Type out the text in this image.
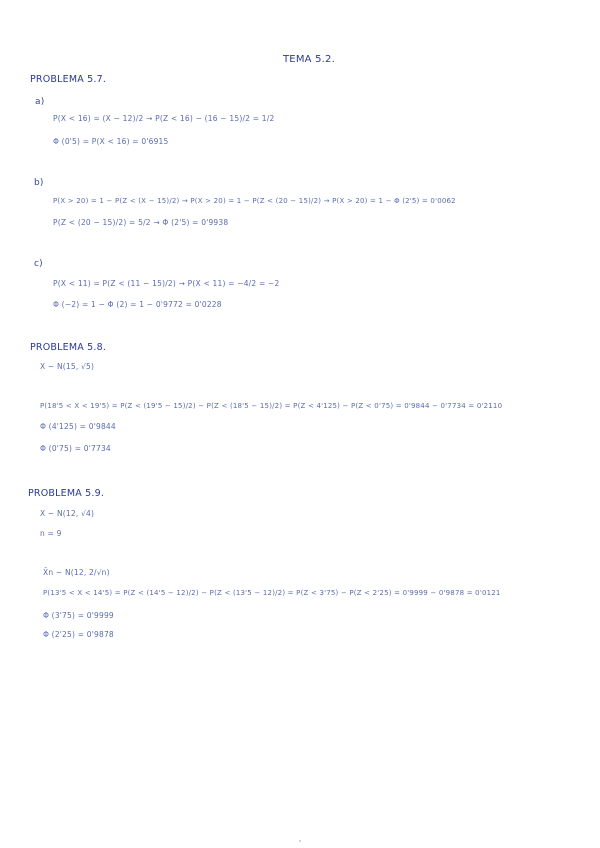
TEMA 5.2.
PROBLEMA 5.7.
a)
P(X < 16) = (X − 12)/2 → P(Z < 16) − (16 − 15)/2 = 1/2
Φ (0'5) = P(X < 16) = 0'6915
b)
P(X > 20) = 1 − P(Z < (X − 15)/2) → P(X > 20) = 1 − P(Z < (20 − 15)/2) → P(X > 20) = 1 − Φ (2'5) = 0'0062
P(Z < (20 − 15)/2) = 5/2 → Φ (2'5) = 0'9938
c)
P(X < 11) = P(Z < (11 − 15)/2) → P(X < 11) = −4/2 = −2
Φ (−2) = 1 − Φ (2) = 1 − 0'9772 = 0'0228
PROBLEMA 5.8.
X ~ N(15, √5)
P(18'5 < X < 19'5) = P(Z < (19'5 − 15)/2) − P(Z < (18'5 − 15)/2) = P(Z < 4'125) − P(Z < 0'75) = 0'9844 − 0'7734 = 0'2110
Φ (4'125) = 0'9844
Φ (0'75) = 0'7734
PROBLEMA 5.9.
X ~ N(12, √4)
n = 9
X̄n ~ N(12, 2/√n)
P(13'5 < X < 14'5) = P(Z < (14'5 − 12)/2) − P(Z < (13'5 − 12)/2) = P(Z < 3'75) − P(Z < 2'25) = 0'9999 − 0'9878 = 0'0121
Φ (3'75) = 0'9999
Φ (2'25) = 0'9878
